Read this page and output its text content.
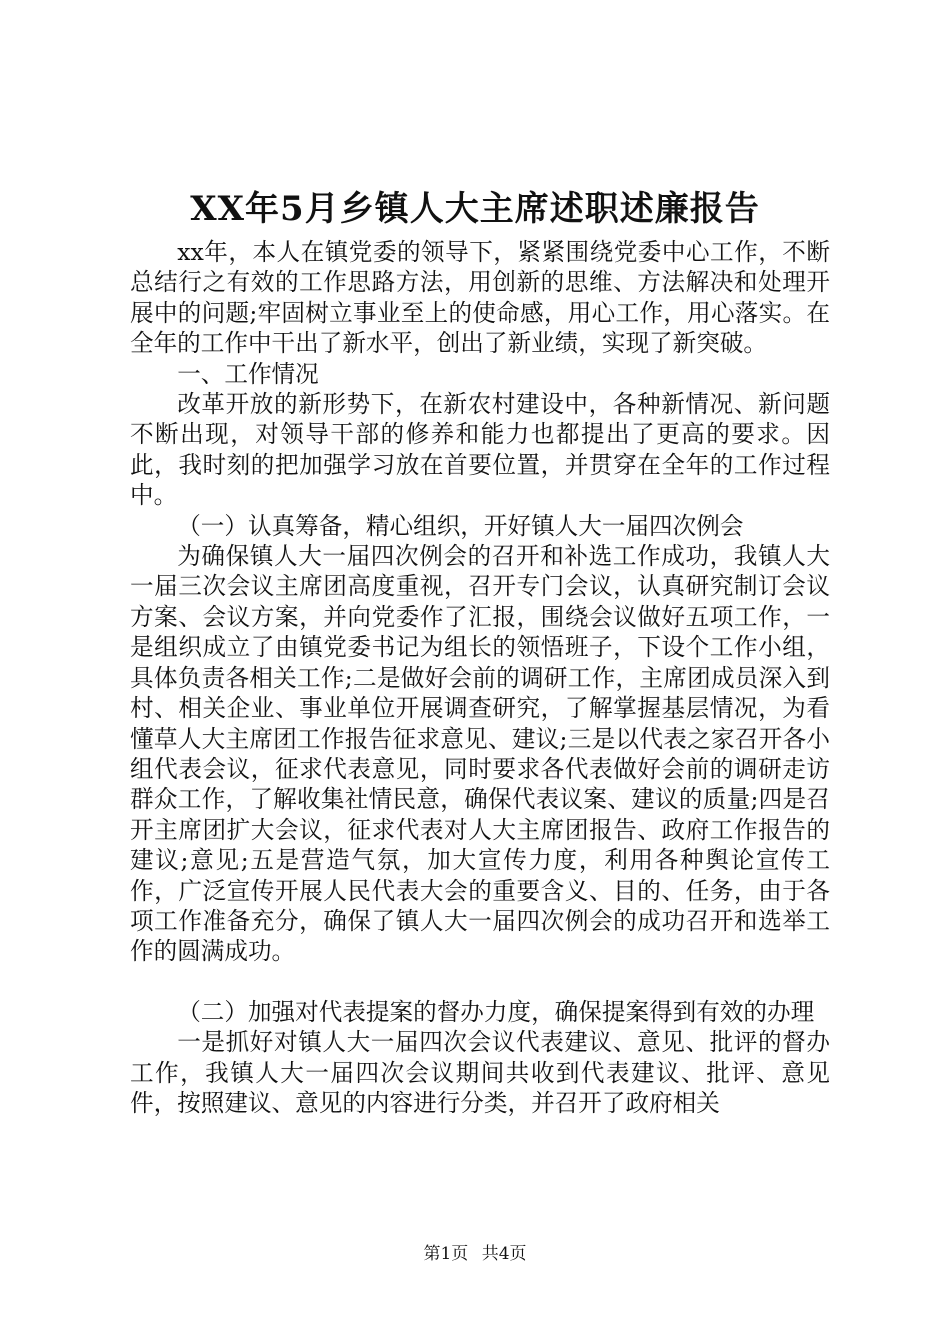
XX年5月乡镇人大主席述职述廉报告

xx年，本人在镇党委的领导下，紧紧围绕党委中心工作，不断总结行之有效的工作思路方法，用创新的思维、方法解决和处理开展中的问题;牢固树立事业至上的使命感，用心工作，用心落实。在全年的工作中干出了新水平，创出了新业绩，实现了新突破。

一、工作情况

改革开放的新形势下，在新农村建设中，各种新情况、新问题不断出现，对领导干部的修养和能力也都提出了更高的要求。因此，我时刻的把加强学习放在首要位置，并贯穿在全年的工作过程中。

（一）认真筹备，精心组织，开好镇人大一届四次例会

为确保镇人大一届四次例会的召开和补选工作成功，我镇人大一届三次会议主席团高度重视，召开专门会议，认真研究制订会议方案、会议方案，并向党委作了汇报，围绕会议做好五项工作，一是组织成立了由镇党委书记为组长的领悟班子，下设个工作小组，具体负责各相关工作;二是做好会前的调研工作，主席团成员深入到村、相关企业、事业单位开展调查研究，了解掌握基层情况，为看懂草人大主席团工作报告征求意见、建议;三是以代表之家召开各小组代表会议，征求代表意见，同时要求各代表做好会前的调研走访群众工作，了解收集社情民意，确保代表议案、建议的质量;四是召开主席团扩大会议，征求代表对人大主席团报告、政府工作报告的建议;意见;五是营造气氛，加大宣传力度，利用各种舆论宣传工作，广泛宣传开展人民代表大会的重要含义、目的、任务，由于各项工作准备充分，确保了镇人大一届四次例会的成功召开和选举工作的圆满成功。

（二）加强对代表提案的督办力度，确保提案得到有效的办理

一是抓好对镇人大一届四次会议代表建议、意见、批评的督办工作，我镇人大一届四次会议期间共收到代表建议、批评、意见件，按照建议、意见的内容进行分类，并召开了政府相关

第1页 共4页
